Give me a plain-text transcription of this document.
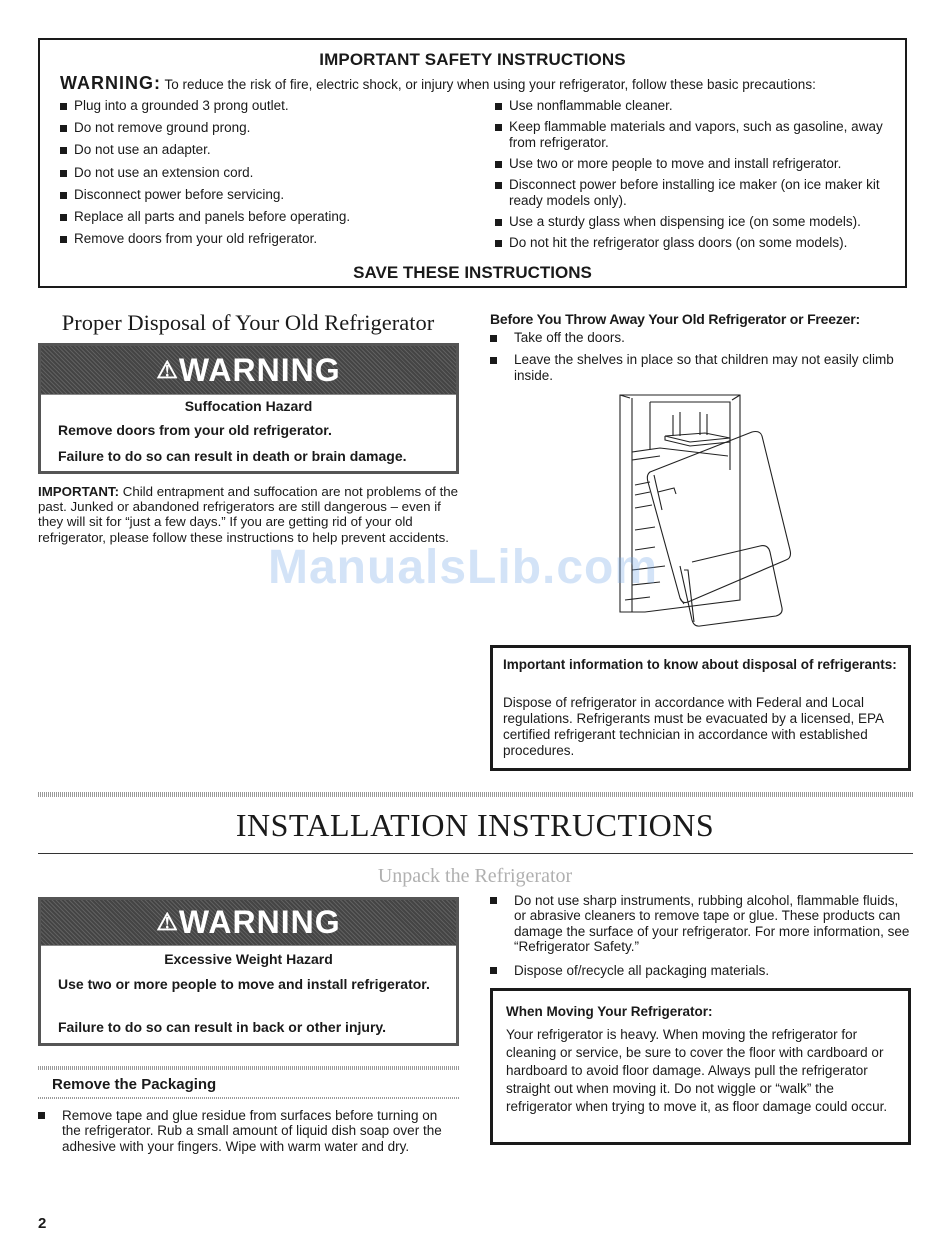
IMPORTANT SAFETY INSTRUCTIONS
WARNING: To reduce the risk of fire, electric shock, or injury when using your refrigerator, follow these basic precautions:
Plug into a grounded 3 prong outlet.
Do not remove ground prong.
Do not use an adapter.
Do not use an extension cord.
Disconnect power before servicing.
Replace all parts and panels before operating.
Remove doors from your old refrigerator.
Use nonflammable cleaner.
Keep flammable materials and vapors, such as gasoline, away from refrigerator.
Use two or more people to move and install refrigerator.
Disconnect power before installing ice maker (on ice maker kit ready models only).
Use a sturdy glass when dispensing ice (on some models).
Do not hit the refrigerator glass doors (on some models).
SAVE THESE INSTRUCTIONS
Proper Disposal of Your Old Refrigerator
⚠WARNING
Suffocation Hazard
Remove doors from your old refrigerator.
Failure to do so can result in death or brain damage.
IMPORTANT: Child entrapment and suffocation are not problems of the past. Junked or abandoned refrigerators are still dangerous – even if they will sit for “just a few days.” If you are getting rid of your old refrigerator, please follow these instructions to help prevent accidents.
Before You Throw Away Your Old Refrigerator or Freezer:
Take off the doors.
Leave the shelves in place so that children may not easily climb inside.
Important information to know about disposal of refrigerants:
Dispose of refrigerator in accordance with Federal and Local regulations. Refrigerants must be evacuated by a licensed, EPA certified refrigerant technician in accordance with established procedures.
ManualsLib.com
INSTALLATION INSTRUCTIONS
Unpack the Refrigerator
⚠WARNING
Excessive Weight Hazard
Use two or more people to move and install refrigerator.
Failure to do so can result in back or other injury.
Remove the Packaging
Remove tape and glue residue from surfaces before turning on the refrigerator. Rub a small amount of liquid dish soap over the adhesive with your fingers. Wipe with warm water and dry.
Do not use sharp instruments, rubbing alcohol, flammable fluids, or abrasive cleaners to remove tape or glue. These products can damage the surface of your refrigerator. For more information, see “Refrigerator Safety.”
Dispose of/recycle all packaging materials.
When Moving Your Refrigerator:
Your refrigerator is heavy. When moving the refrigerator for cleaning or service, be sure to cover the floor with cardboard or hardboard to avoid floor damage. Always pull the refrigerator straight out when moving it. Do not wiggle or “walk” the refrigerator when trying to move it, as floor damage could occur.
2
